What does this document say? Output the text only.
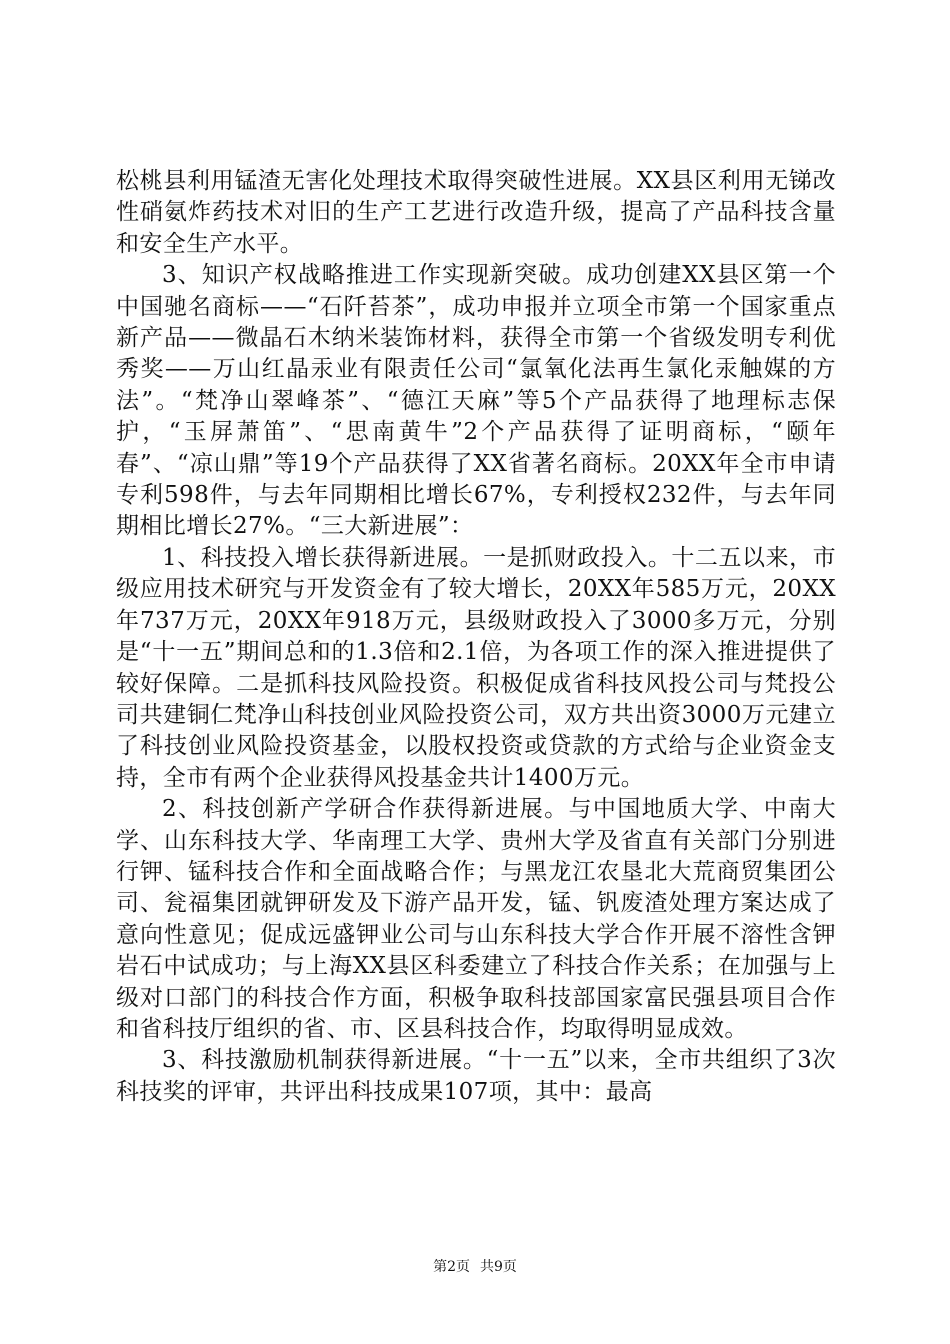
松桃县利用锰渣无害化处理技术取得突破性进展。XX县区利用无锑改性硝氨炸药技术对旧的生产工艺进行改造升级，提高了产品科技含量和安全生产水平。

3、知识产权战略推进工作实现新突破。成功创建XX县区第一个中国驰名商标——“石阡苔茶”，成功申报并立项全市第一个国家重点新产品——微晶石木纳米装饰材料，获得全市第一个省级发明专利优秀奖——万山红晶汞业有限责任公司“氯氧化法再生氯化汞触媒的方法”。“梵净山翠峰茶”、“德江天麻”等5个产品获得了地理标志保护，“玉屏萧笛”、“思南黄牛”2个产品获得了证明商标，“颐年春”、“凉山鼎”等19个产品获得了XX省著名商标。20XX年全市申请专利598件，与去年同期相比增长67%，专利授权232件，与去年同期相比增长27%。“三大新进展”：

1、科技投入增长获得新进展。一是抓财政投入。十二五以来，市级应用技术研究与开发资金有了较大增长，20XX年585万元，20XX年737万元，20XX年918万元，县级财政投入了3000多万元，分别是“十一五”期间总和的1.3倍和2.1倍，为各项工作的深入推进提供了较好保障。二是抓科技风险投资。积极促成省科技风投公司与梵投公司共建铜仁梵净山科技创业风险投资公司，双方共出资3000万元建立了科技创业风险投资基金，以股权投资或贷款的方式给与企业资金支持，全市有两个企业获得风投基金共计1400万元。

2、科技创新产学研合作获得新进展。与中国地质大学、中南大学、山东科技大学、华南理工大学、贵州大学及省直有关部门分别进行钾、锰科技合作和全面战略合作；与黑龙江农垦北大荒商贸集团公司、瓮福集团就钾研发及下游产品开发，锰、钒废渣处理方案达成了意向性意见；促成远盛钾业公司与山东科技大学合作开展不溶性含钾岩石中试成功；与上海XX县区科委建立了科技合作关系；在加强与上级对口部门的科技合作方面，积极争取科技部国家富民强县项目合作和省科技厅组织的省、市、区县科技合作，均取得明显成效。

3、科技激励机制获得新进展。“十一五”以来，全市共组织了3次科技奖的评审，共评出科技成果107项，其中：最高

第2页 共9页
